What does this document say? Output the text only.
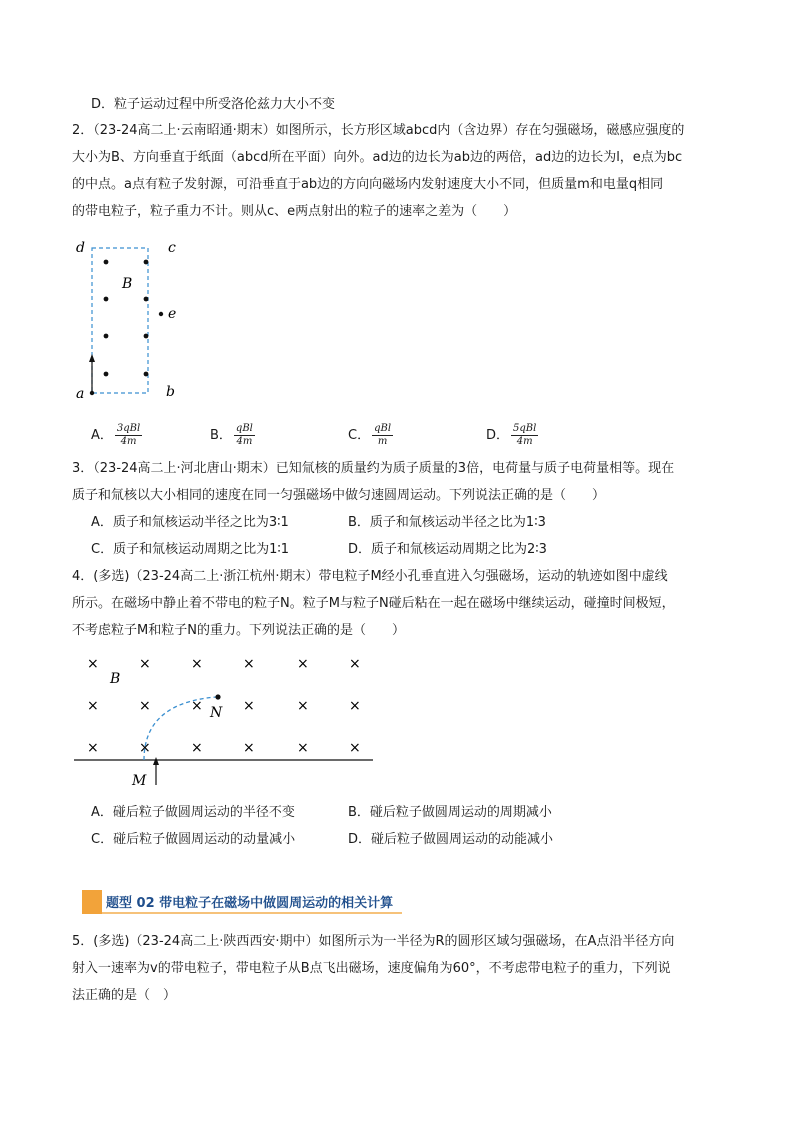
D．粒子运动过程中所受洛伦兹力大小不变
2．（23-24高二上·云南昭通·期末）如图所示，长方形区域abcd内（含边界）存在匀强磁场，磁感应强度的
大小为B、方向垂直于纸面（abcd所在平面）向外。ad边的边长为ab边的两倍，ad边的边长为l，e点为bc
的中点。a点有粒子发射源，可沿垂直于ab边的方向向磁场内发射速度大小不同，但质量m和电量q相同
的带电粒子，粒子重力不计。则从c、e两点射出的粒子的速率之差为（　　）
d	c
B
e
a	b
A． $\frac{\text{3qBl}}{4m}$	B． $\frac{\text{qBl}}{4m}$	C． $\frac{\text{qBl}}{m}$	D． $\frac{\text{5qBl}}{4m}$
3．（23-24高二上·河北唐山·期末）已知氚核的质量约为质子质量的3倍，电荷量与质子电荷量相等。现在
质子和氚核以大小相同的速度在同一匀强磁场中做匀速圆周运动。下列说法正确的是（　　）
A．质子和氚核运动半径之比为3∶1	B．质子和氚核运动半径之比为1∶3
C．质子和氚核运动周期之比为1∶1	D．质子和氚核运动周期之比为2∶3
4．(多选)（23-24高二上·浙江杭州·期末）带电粒子M经小孔垂直进入匀强磁场，运动的轨迹如图中虚线
所示。在磁场中静止着不带电的粒子N。粒子M与粒子N碰后粘在一起在磁场中继续运动，碰撞时间极短，
不考虑粒子M和粒子N的重力。下列说法正确的是（　　）
×	×	×	×	×	×
×	×	×	×	×	×
×	×	×	×	×	×
B
N
M
A．碰后粒子做圆周运动的半径不变	B．碰后粒子做圆周运动的周期减小
C．碰后粒子做圆周运动的动量减小	D．碰后粒子做圆周运动的动能减小
题型 02 带电粒子在磁场中做圆周运动的相关计算
5．(多选)（23-24高二上·陕西西安·期中）如图所示为一半径为R的圆形区域匀强磁场，在A点沿半径方向
射入一速率为v的带电粒子，带电粒子从B点飞出磁场，速度偏角为60°，不考虑带电粒子的重力，下列说
法正确的是（　）
